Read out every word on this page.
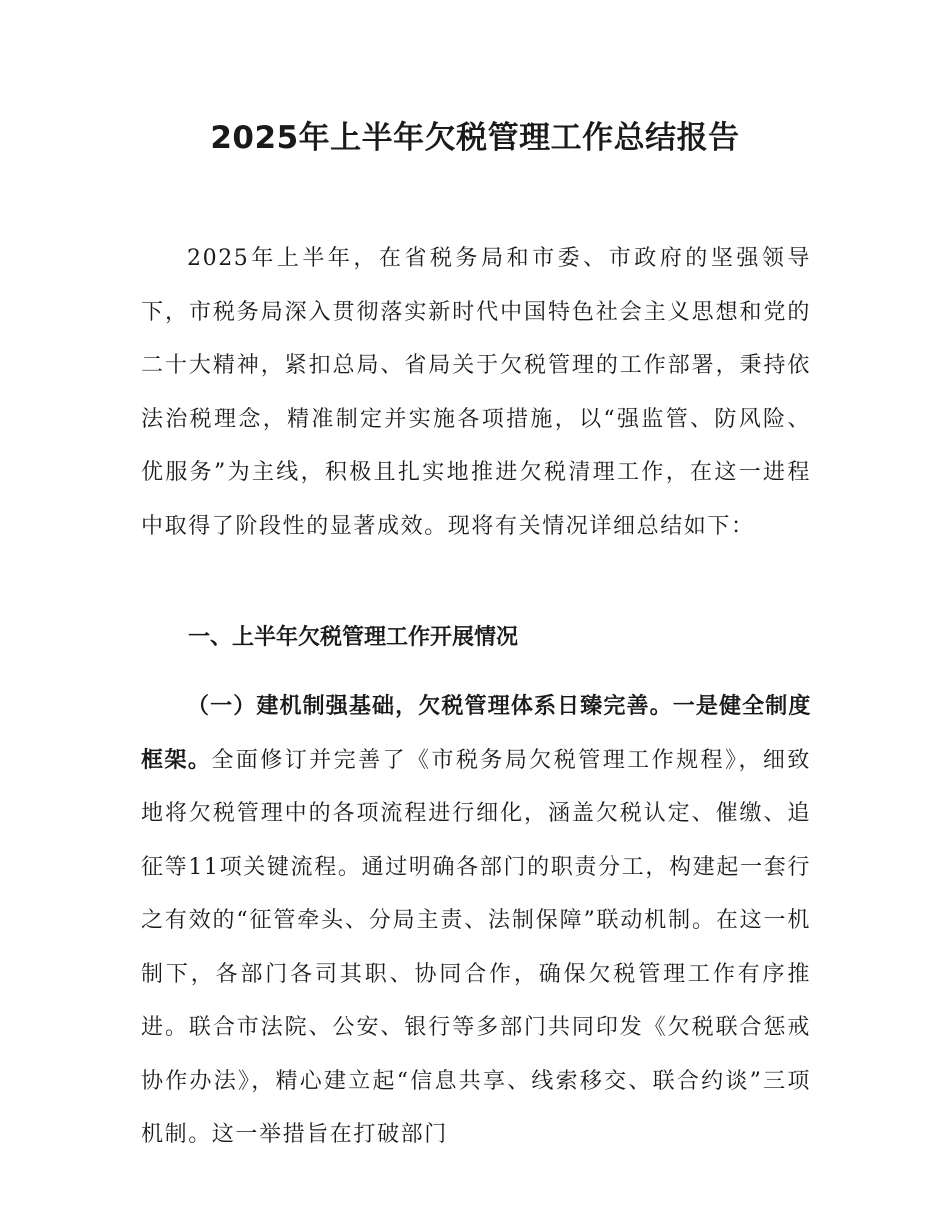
2025年上半年欠税管理工作总结报告

2025年上半年，在省税务局和市委、市政府的坚强领导下，市税务局深入贯彻落实新时代中国特色社会主义思想和党的二十大精神，紧扣总局、省局关于欠税管理的工作部署，秉持依法治税理念，精准制定并实施各项措施，以“强监管、防风险、优服务”为主线，积极且扎实地推进欠税清理工作，在这一进程中取得了阶段性的显著成效。现将有关情况详细总结如下：

一、上半年欠税管理工作开展情况

（一）建机制强基础，欠税管理体系日臻完善。一是健全制度框架。全面修订并完善了《市税务局欠税管理工作规程》，细致地将欠税管理中的各项流程进行细化，涵盖欠税认定、催缴、追征等11项关键流程。通过明确各部门的职责分工，构建起一套行之有效的“征管牵头、分局主责、法制保障”联动机制。在这一机制下，各部门各司其职、协同合作，确保欠税管理工作有序推进。联合市法院、公安、银行等多部门共同印发《欠税联合惩戒协作办法》，精心建立起“信息共享、线索移交、联合约谈”三项机制。这一举措旨在打破部门
